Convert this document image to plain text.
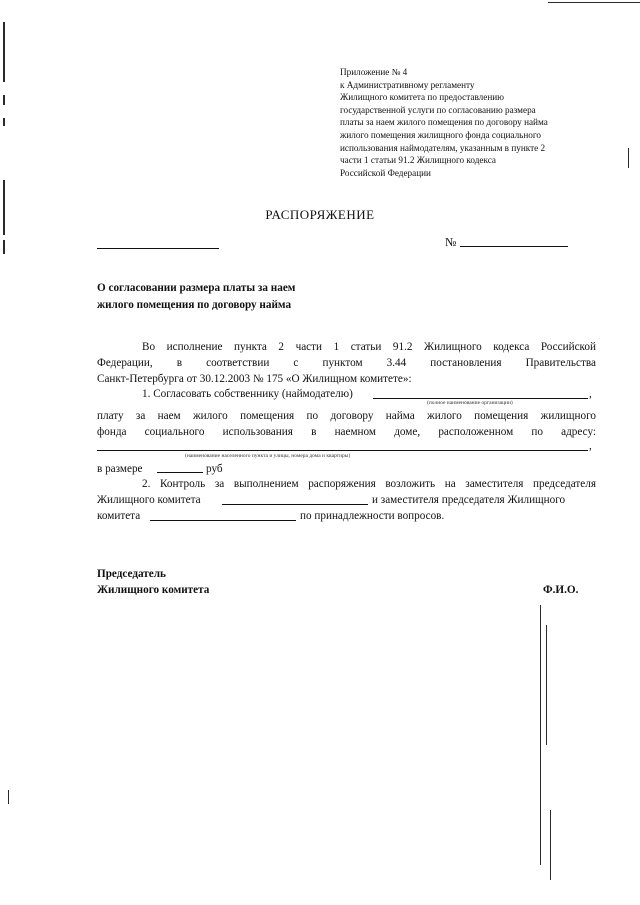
Приложение № 4
к Административному регламенту
Жилищного комитета по предоставлению
государственной услуги по согласованию размера
платы за наем жилого помещения по договору найма
жилого помещения жилищного фонда социального
использования наймодателям, указанным в пункте 2
части 1 статьи 91.2 Жилищного кодекса
Российской Федерации
РАСПОРЯЖЕНИЕ
№
О согласовании размера платы за наем
жилого помещения по договору найма
Во исполнение пункта 2 части 1 статьи 91.2 Жилищного кодекса Российской
Федерации, в соответствии с пунктом 3.44 постановления Правительства
Санкт-Петербурга от 30.12.2003 № 175 «О Жилищном комитете»:
1. Согласовать собственнику (наймодателю)	,
(полное наименование организации)
плату за наем жилого помещения по договору найма жилого помещения жилищного
фонда социального использования в наемном доме, расположенном по адресу:
,
(наименование населенного пункта и улицы, номера дома и квартиры)
в размере	руб
2. Контроль за выполнением распоряжения возложить на заместителя председателя
Жилищного комитета	и заместителя председателя Жилищного
комитета	по принадлежности вопросов.
Председатель
Жилищного комитета	Ф.И.О.
